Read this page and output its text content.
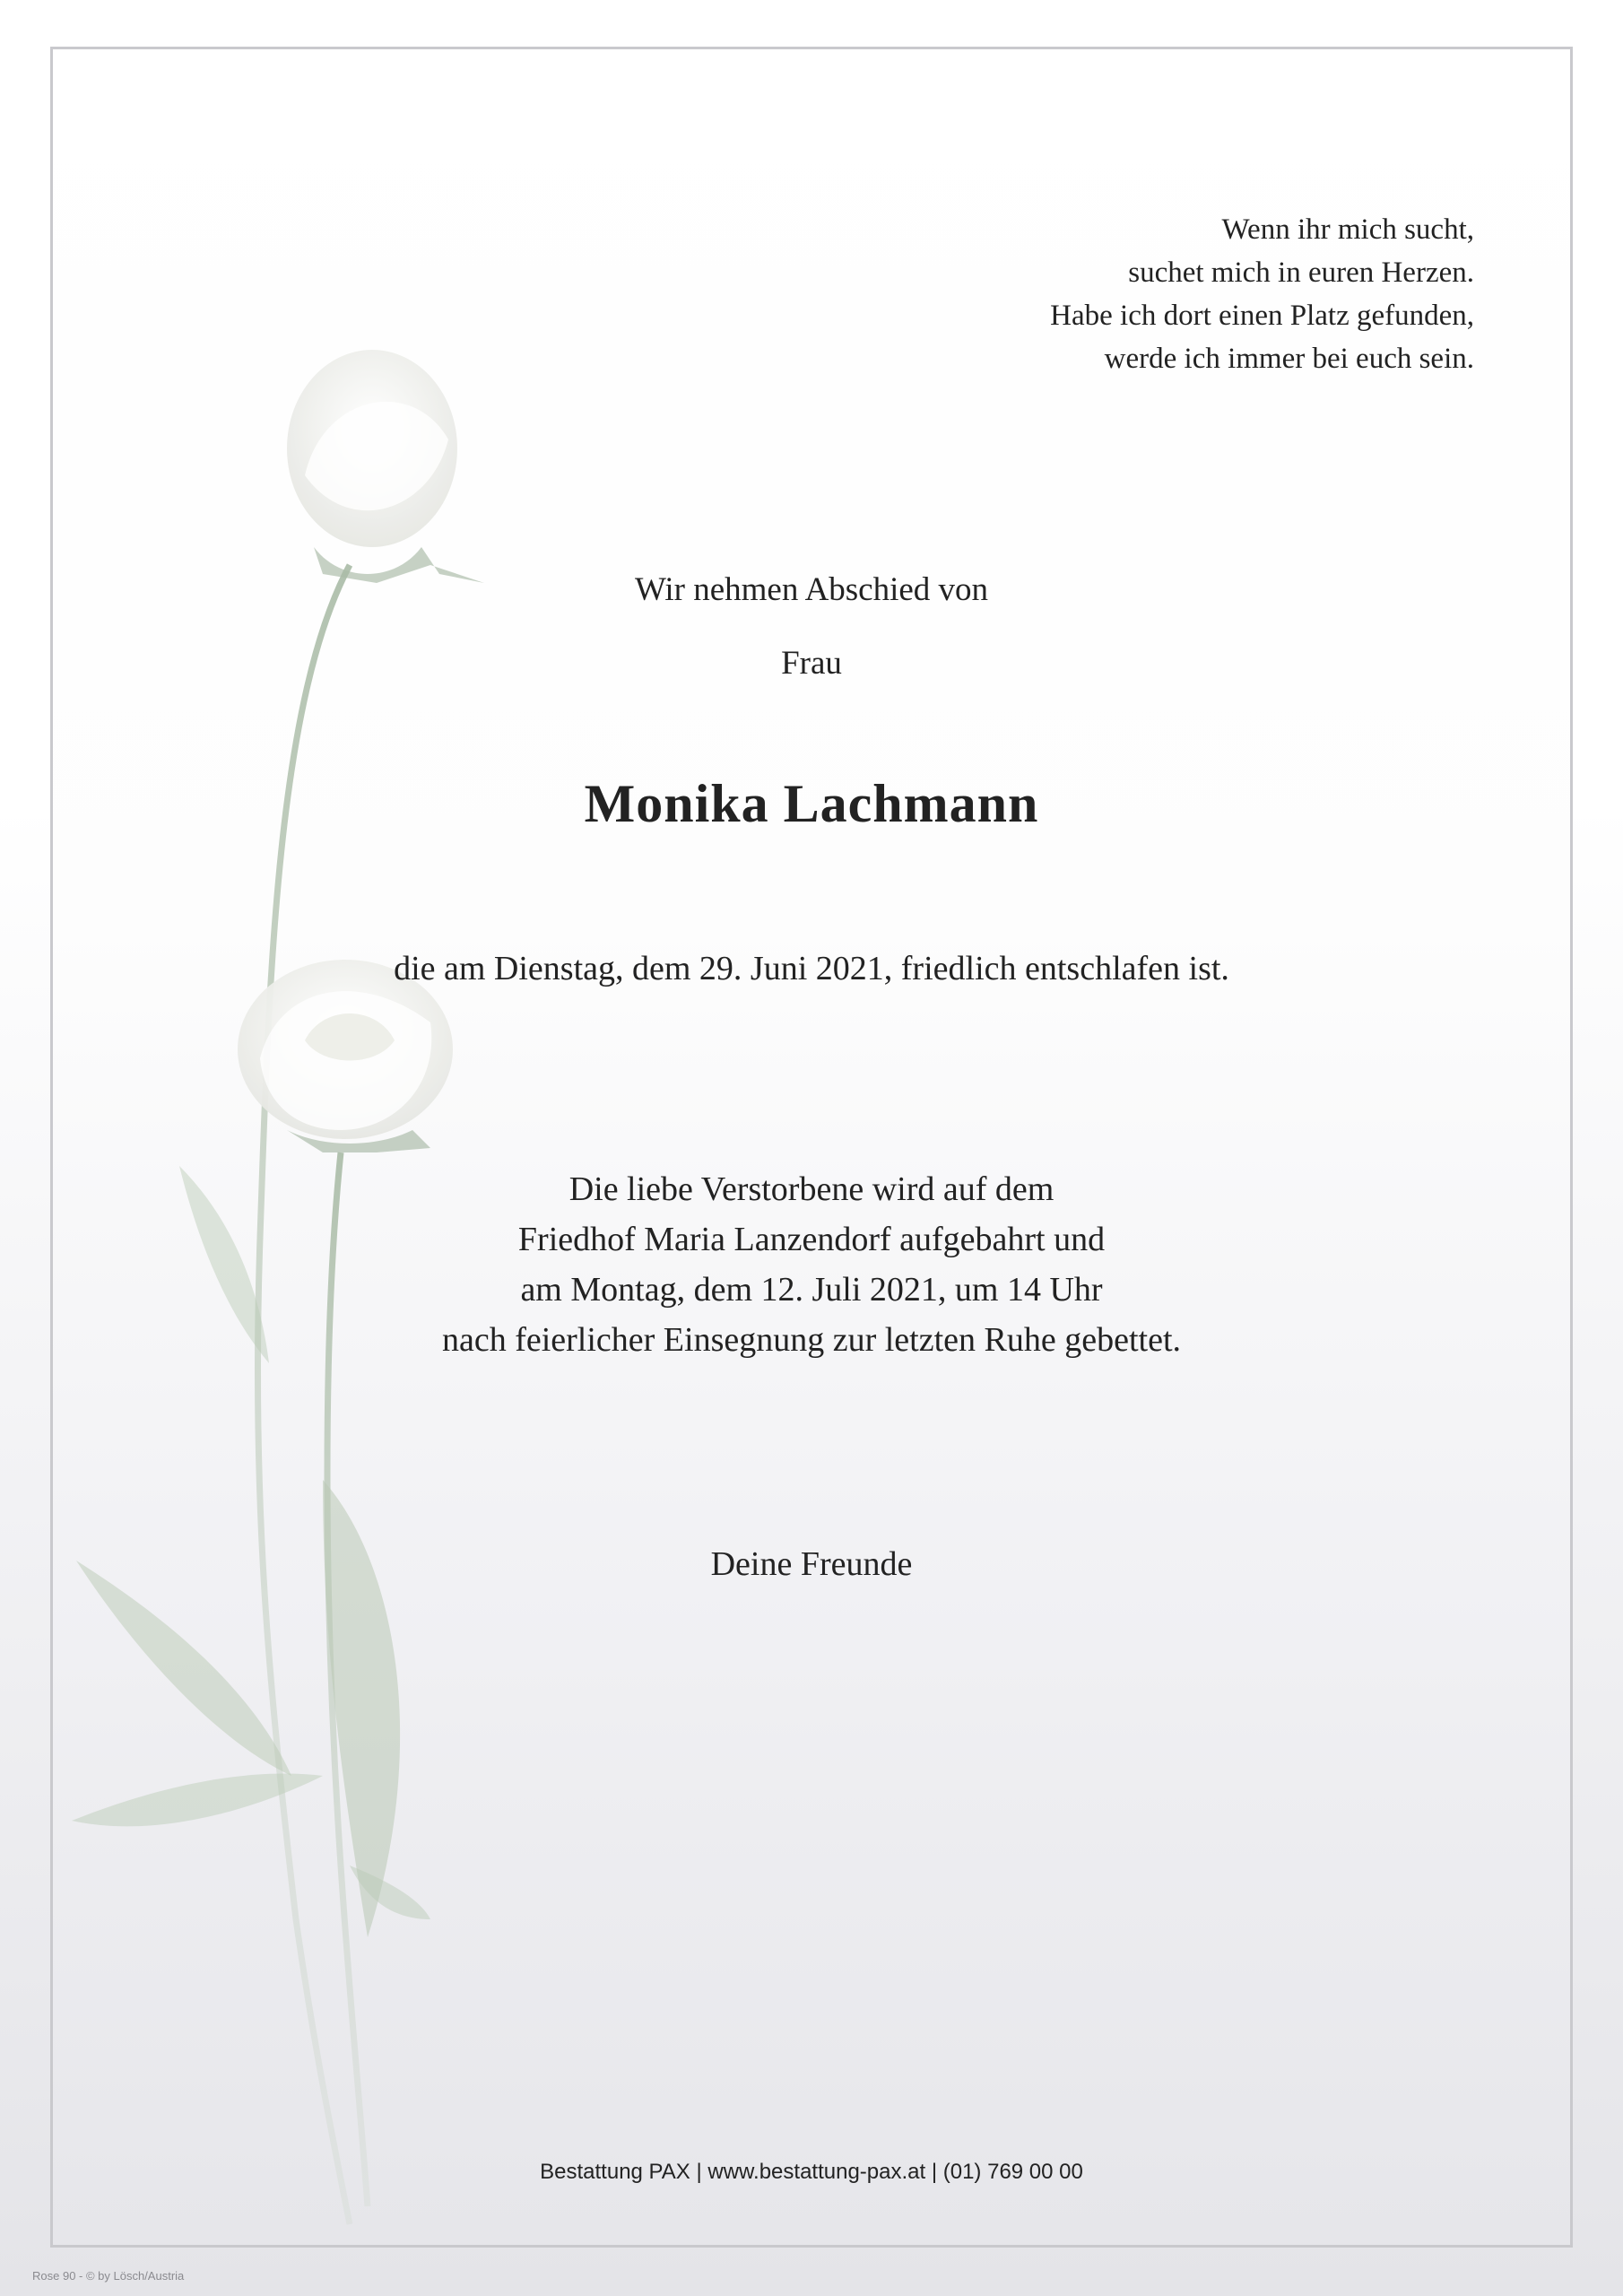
Wenn ihr mich sucht,
suchet mich in euren Herzen.
Habe ich dort einen Platz gefunden,
werde ich immer bei euch sein.
Wir nehmen Abschied von
Frau
Monika Lachmann
die am Dienstag, dem 29. Juni 2021, friedlich entschlafen ist.
Die liebe Verstorbene wird auf dem
Friedhof Maria Lanzendorf aufgebahrt und
am Montag, dem 12. Juli 2021, um 14 Uhr
nach feierlicher Einsegnung zur letzten Ruhe gebettet.
Deine Freunde
Bestattung PAX | www.bestattung-pax.at | (01) 769 00 00
Rose 90 - © by Lösch/Austria
